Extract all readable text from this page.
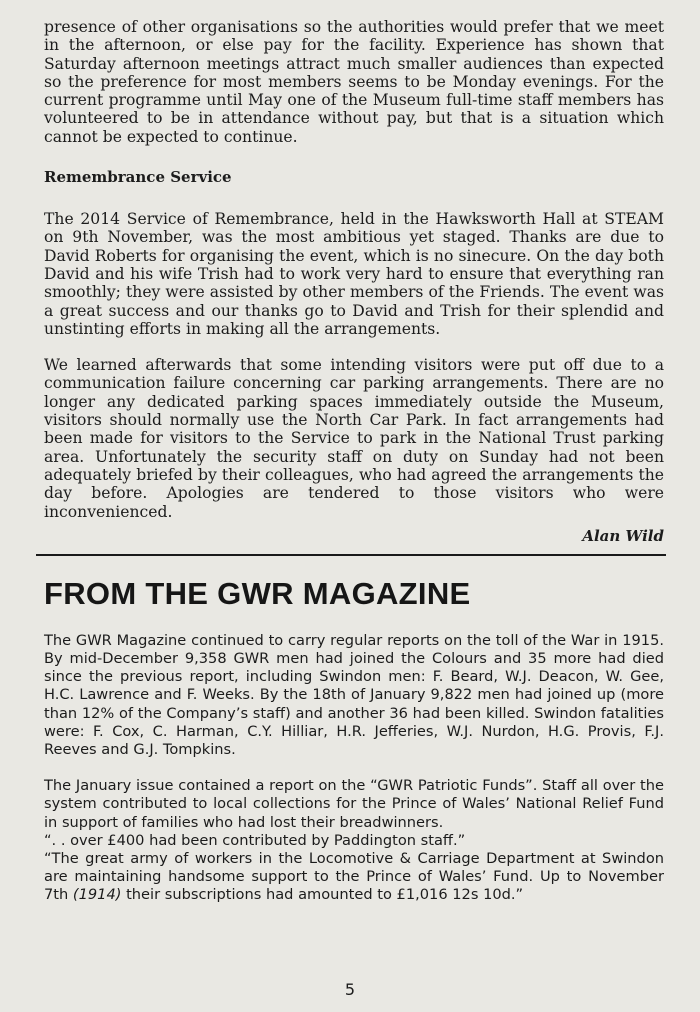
presence of other organisations so the authorities would prefer that we meet in the afternoon, or else pay for the facility. Experience has shown that Saturday afternoon meetings attract much smaller audiences than expected so the preference for most members seems to be Monday evenings. For the current programme until May one of the Museum full-time staff members has volunteered to be in attendance without pay, but that is a situation which cannot be expected to continue.

Remembrance Service

The 2014 Service of Remembrance, held in the Hawksworth Hall at STEAM on 9th November, was the most ambitious yet staged. Thanks are due to David Roberts for organising the event, which is no sinecure. On the day both David and his wife Trish had to work very hard to ensure that everything ran smoothly; they were assisted by other members of the Friends. The event was a great success and our thanks go to David and Trish for their splendid and unstinting efforts in making all the arrangements.

We learned afterwards that some intending visitors were put off due to a communication failure concerning car parking arrangements. There are no longer any dedicated parking spaces immediately outside the Museum, visitors should normally use the North Car Park. In fact arrangements had been made for visitors to the Service to park in the National Trust parking area. Unfortunately the security staff on duty on Sunday had not been adequately briefed by their colleagues, who had agreed the arrangements the day before. Apologies are tendered to those visitors who were inconvenienced.

Alan Wild

FROM THE GWR MAGAZINE

The GWR Magazine continued to carry regular reports on the toll of the War in 1915. By mid-December 9,358 GWR men had joined the Colours and 35 more had died since the previous report, including Swindon men: F. Beard, W.J. Deacon, W. Gee, H.C. Lawrence and F. Weeks. By the 18th of January 9,822 men had joined up (more than 12% of the Company’s staff) and another 36 had been killed. Swindon fatalities were: F. Cox, C. Harman, C.Y. Hilliar, H.R. Jefferies, W.J. Nurdon, H.G. Provis, F.J. Reeves and G.J. Tompkins.

The January issue contained a report on the “GWR Patriotic Funds”. Staff all over the system contributed to local collections for the Prince of Wales’ National Relief Fund in support of families who had lost their breadwinners.
“. . over £400 had been contributed by Paddington staff.”
“The great army of workers in the Locomotive & Carriage Department at Swindon are maintaining handsome support to the Prince of Wales’ Fund. Up to November 7th (1914) their subscriptions had amounted to £1,016 12s 10d.”
5
